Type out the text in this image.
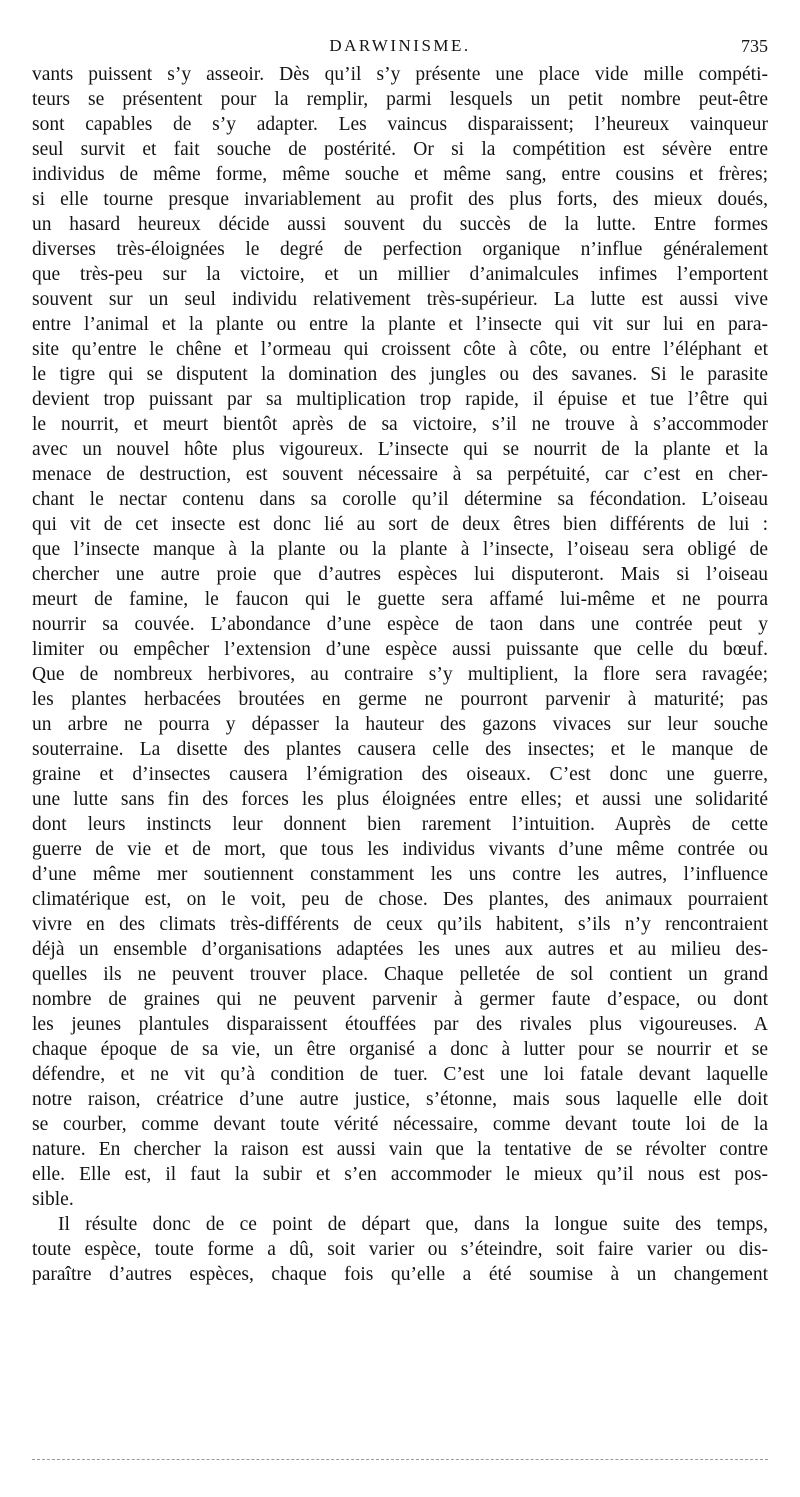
DARWINISME.	735
vants puissent s’y asseoir. Dès qu’il s’y présente une place vide mille compéti-
teurs se présentent pour la remplir, parmi lesquels un petit nombre peut-être
sont capables de s’y adapter. Les vaincus disparaissent; l’heureux vainqueur
seul survit et fait souche de postérité. Or si la compétition est sévère entre
individus de même forme, même souche et même sang, entre cousins et frères;
si elle tourne presque invariablement au profit des plus forts, des mieux doués,
un hasard heureux décide aussi souvent du succès de la lutte. Entre formes
diverses très-éloignées le degré de perfection organique n’influe généralement
que très-peu sur la victoire, et un millier d’animalcules infimes l’emportent
souvent sur un seul individu relativement très-supérieur. La lutte est aussi vive
entre l’animal et la plante ou entre la plante et l’insecte qui vit sur lui en para-
site qu’entre le chêne et l’ormeau qui croissent côte à côte, ou entre l’éléphant et
le tigre qui se disputent la domination des jungles ou des savanes. Si le parasite
devient trop puissant par sa multiplication trop rapide, il épuise et tue l’être qui
le nourrit, et meurt bientôt après de sa victoire, s’il ne trouve à s’accommoder
avec un nouvel hôte plus vigoureux. L’insecte qui se nourrit de la plante et la
menace de destruction, est souvent nécessaire à sa perpétuité, car c’est en cher-
chant le nectar contenu dans sa corolle qu’il détermine sa fécondation. L’oiseau
qui vit de cet insecte est donc lié au sort de deux êtres bien différents de lui :
que l’insecte manque à la plante ou la plante à l’insecte, l’oiseau sera obligé de
chercher une autre proie que d’autres espèces lui disputeront. Mais si l’oiseau
meurt de famine, le faucon qui le guette sera affamé lui-même et ne pourra
nourrir sa couvée. L’abondance d’une espèce de taon dans une contrée peut y
limiter ou empêcher l’extension d’une espèce aussi puissante que celle du bœuf.
Que de nombreux herbivores, au contraire s’y multiplient, la flore sera ravagée;
les plantes herbacées broutées en germe ne pourront parvenir à maturité; pas
un arbre ne pourra y dépasser la hauteur des gazons vivaces sur leur souche
souterraine. La disette des plantes causera celle des insectes; et le manque de
graine et d’insectes causera l’émigration des oiseaux. C’est donc une guerre,
une lutte sans fin des forces les plus éloignées entre elles; et aussi une solidarité
dont leurs instincts leur donnent bien rarement l’intuition. Auprès de cette
guerre de vie et de mort, que tous les individus vivants d’une même contrée ou
d’une même mer soutiennent constamment les uns contre les autres, l’influence
climatérique est, on le voit, peu de chose. Des plantes, des animaux pourraient
vivre en des climats très-différents de ceux qu’ils habitent, s’ils n’y rencontraient
déjà un ensemble d’organisations adaptées les unes aux autres et au milieu des-
quelles ils ne peuvent trouver place. Chaque pelletée de sol contient un grand
nombre de graines qui ne peuvent parvenir à germer faute d’espace, ou dont
les jeunes plantules disparaissent étouffées par des rivales plus vigoureuses. A
chaque époque de sa vie, un être organisé a donc à lutter pour se nourrir et se
défendre, et ne vit qu’à condition de tuer. C’est une loi fatale devant laquelle
notre raison, créatrice d’une autre justice, s’étonne, mais sous laquelle elle doit
se courber, comme devant toute vérité nécessaire, comme devant toute loi de la
nature. En chercher la raison est aussi vain que la tentative de se révolter contre
elle. Elle est, il faut la subir et s’en accommoder le mieux qu’il nous est pos-
sible.
Il résulte donc de ce point de départ que, dans la longue suite des temps,
toute espèce, toute forme a dû, soit varier ou s’éteindre, soit faire varier ou dis-
paraître d’autres espèces, chaque fois qu’elle a été soumise à un changement
